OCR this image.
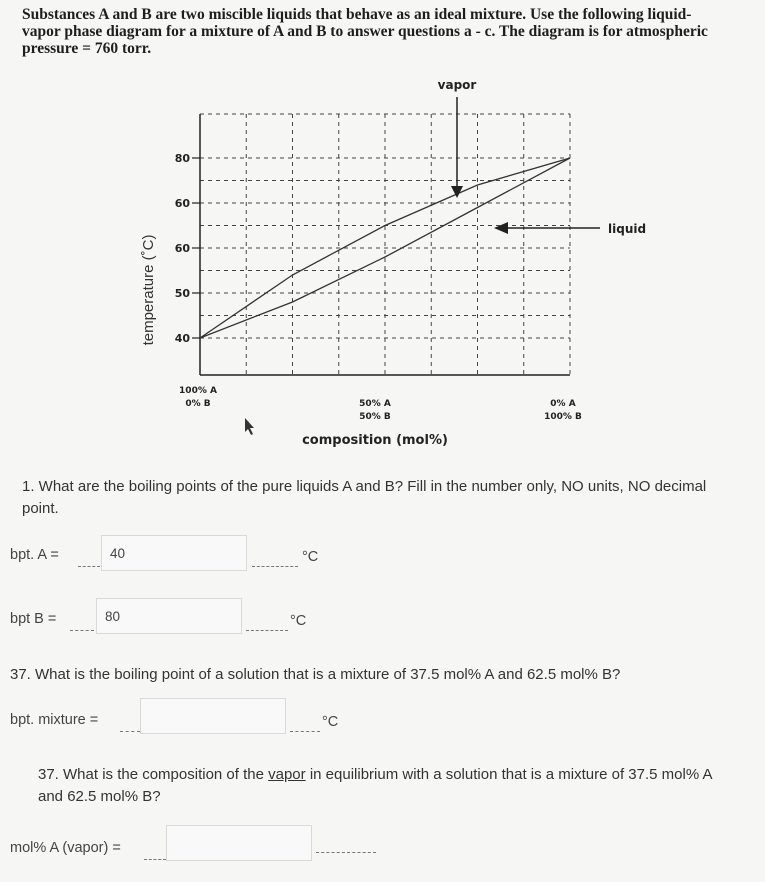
Substances A and B are two miscible liquids that behave as an ideal mixture. Use the following liquid-
vapor phase diagram for a mixture of A and B to answer questions a - c. The diagram is for atmospheric
pressure = 760 torr.
80
60
60
50
40
temperature (˚C)
composition (mol%)
vapor
liquid
100% A
0% B	50% A
50% B
0% A
100% B
1. What are the boiling points of the pure liquids A and B? Fill in the number only, NO units, NO decimal point.
bpt. A =
40	°C
bpt B =
80	°C
37. What is the boiling point of a solution that is a mixture of 37.5 mol% A and 62.5 mol% B?
bpt. mixture =	°C
37. What is the composition of the vapor in equilibrium with a solution that is a mixture of 37.5 mol% A and 62.5 mol% B?
mol% A (vapor) =
